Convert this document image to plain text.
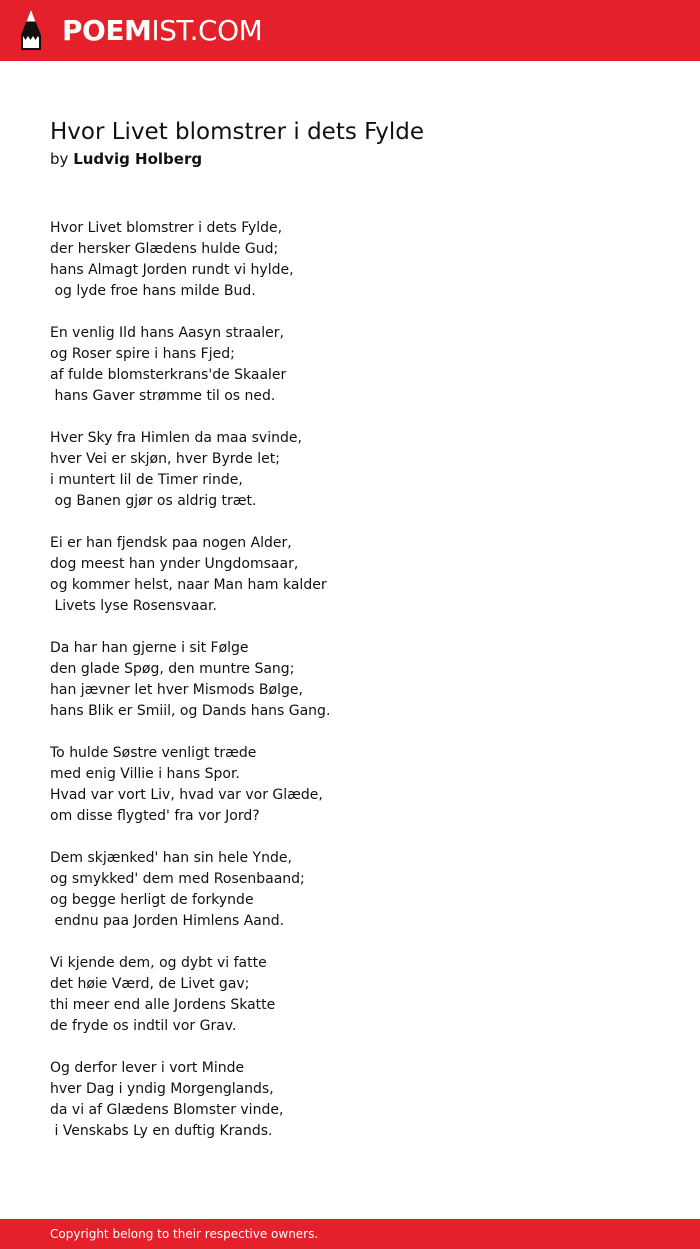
POEMIST.COM
Hvor Livet blomstrer i dets Fylde
by Ludvig Holberg
Hvor Livet blomstrer i dets Fylde,
der hersker Glædens hulde Gud;
hans Almagt Jorden rundt vi hylde,
og lyde froe hans milde Bud.
En venlig Ild hans Aasyn straaler,
og Roser spire i hans Fjed;
af fulde blomsterkrans'de Skaaler
hans Gaver strømme til os ned.
Hver Sky fra Himlen da maa svinde,
hver Vei er skjøn, hver Byrde let;
i muntert Iil de Timer rinde,
og Banen gjør os aldrig træt.
Ei er han fjendsk paa nogen Alder,
dog meest han ynder Ungdomsaar,
og kommer helst, naar Man ham kalder
Livets lyse Rosensvaar.
Da har han gjerne i sit Følge
den glade Spøg, den muntre Sang;
han jævner let hver Mismods Bølge,
hans Blik er Smiil, og Dands hans Gang.
To hulde Søstre venligt træde
med enig Villie i hans Spor.
Hvad var vort Liv, hvad var vor Glæde,
om disse flygted' fra vor Jord?
Dem skjænked' han sin hele Ynde,
og smykked' dem med Rosenbaand;
og begge herligt de forkynde
endnu paa Jorden Himlens Aand.
Vi kjende dem, og dybt vi fatte
det høie Værd, de Livet gav;
thi meer end alle Jordens Skatte
de fryde os indtil vor Grav.
Og derfor lever i vort Minde
hver Dag i yndig Morgenglands,
da vi af Glædens Blomster vinde,
i Venskabs Ly en duftig Krands.
Copyright belong to their respective owners.
